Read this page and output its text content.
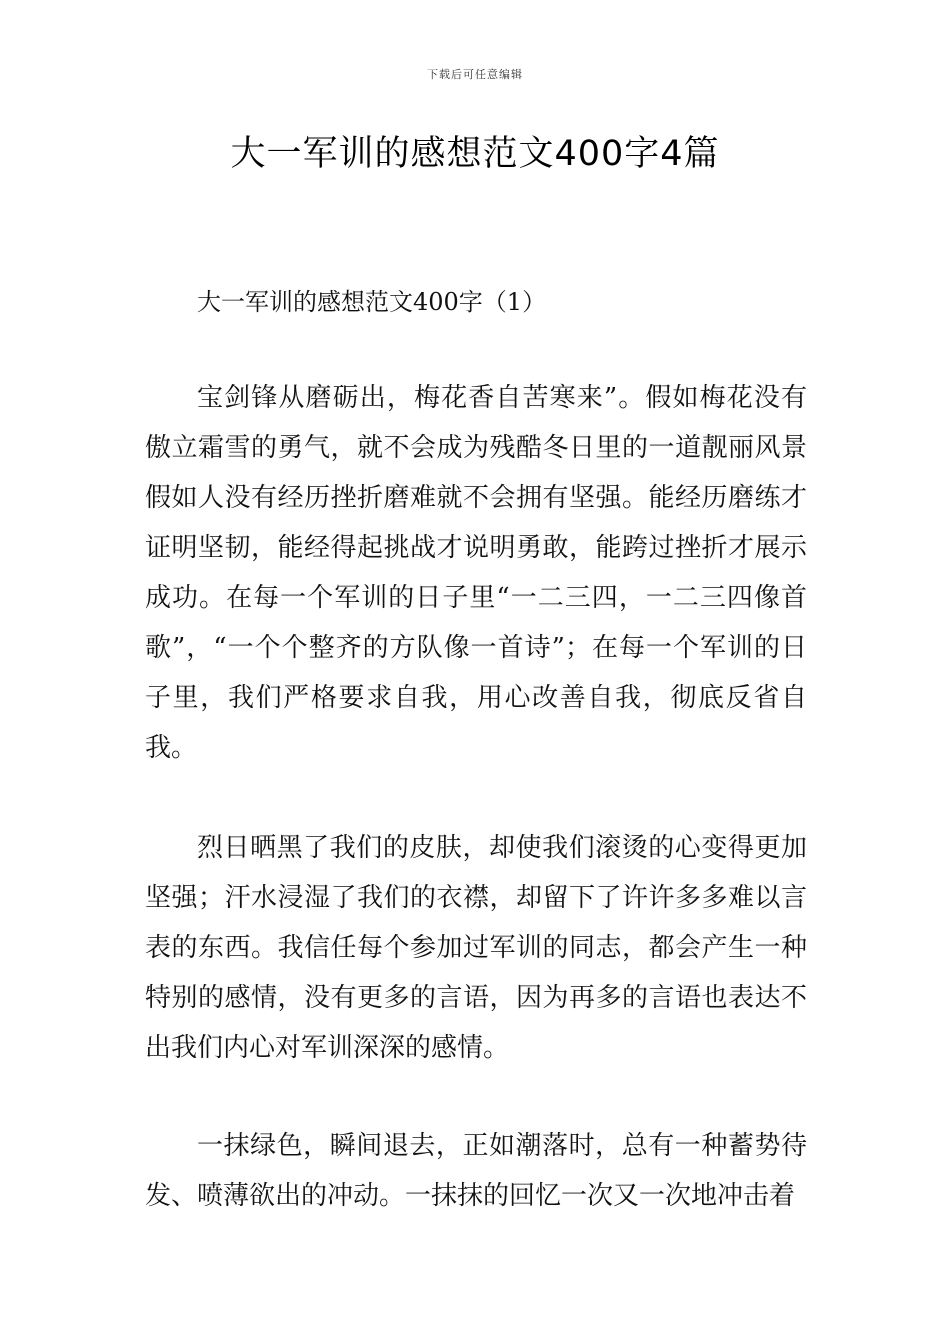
下载后可任意编辑
大一军训的感想范文400字4篇
大一军训的感想范文400字（1）

宝剑锋从磨砺出，梅花香自苦寒来”。假如梅花没有傲立霜雪的勇气，就不会成为残酷冬日里的一道靓丽风景假如人没有经历挫折磨难就不会拥有坚强。能经历磨练才证明坚韧，能经得起挑战才说明勇敢，能跨过挫折才展示成功。在每一个军训的日子里“一二三四，一二三四像首歌”，“一个个整齐的方队像一首诗”；在每一个军训的日子里，我们严格要求自我，用心改善自我，彻底反省自我。

烈日晒黑了我们的皮肤，却使我们滚烫的心变得更加坚强；汗水浸湿了我们的衣襟，却留下了许许多多难以言表的东西。我信任每个参加过军训的同志，都会产生一种特别的感情，没有更多的言语，因为再多的言语也表达不出我们内心对军训深深的感情。

一抹绿色，瞬间退去，正如潮落时，总有一种蓄势待发、喷薄欲出的冲动。一抹抹的回忆一次又一次地冲击着
